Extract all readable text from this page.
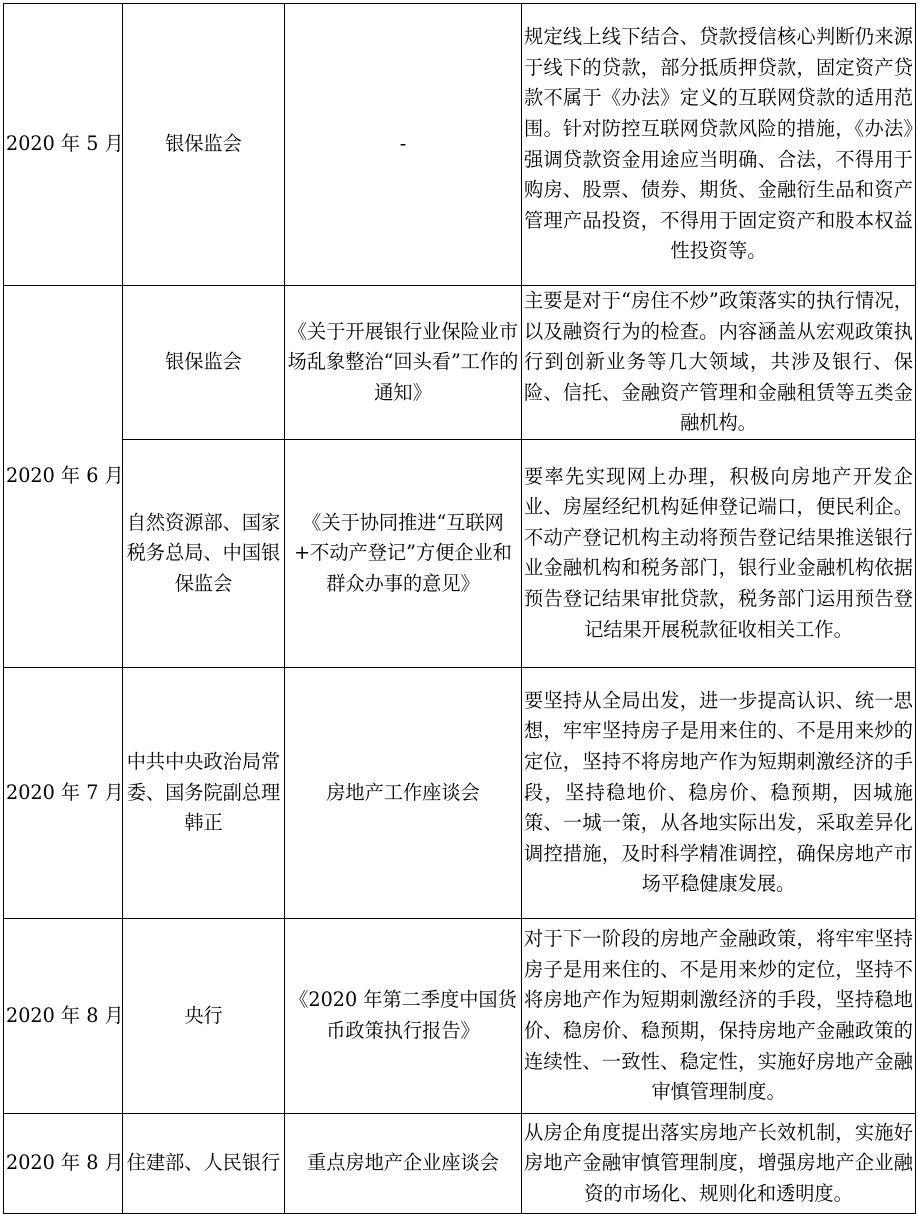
2020 年 5 月	银保监会	-	规定线上线下结合、贷款授信核心判断仍来源于线下的贷款，部分抵质押贷款，固定资产贷款不属于《办法》定义的互联网贷款的适用范围。针对防控互联网贷款风险的措施，《办法》强调贷款资金用途应当明确、合法，不得用于购房、股票、债券、期货、金融衍生品和资产管理产品投资，不得用于固定资产和股本权益性投资等。

2020 年 6 月	银保监会	《关于开展银行业保险业市场乱象整治“回头看”工作的通知》	主要是对于“房住不炒”政策落实的执行情况，以及融资行为的检查。内容涵盖从宏观政策执行到创新业务等几大领域，共涉及银行、保险、信托、金融资产管理和金融租赁等五类金融机构。

	自然资源部、国家税务总局、中国银保监会	《关于协同推进“互联网+不动产登记”方便企业和群众办事的意见》	要率先实现网上办理，积极向房地产开发企业、房屋经纪机构延伸登记端口，便民利企。不动产登记机构主动将预告登记结果推送银行业金融机构和税务部门，银行业金融机构依据预告登记结果审批贷款，税务部门运用预告登记结果开展税款征收相关工作。

2020 年 7 月	中共中央政治局常委、国务院副总理韩正	房地产工作座谈会	要坚持从全局出发，进一步提高认识、统一思想，牢牢坚持房子是用来住的、不是用来炒的定位，坚持不将房地产作为短期刺激经济的手段，坚持稳地价、稳房价、稳预期，因城施策、一城一策，从各地实际出发，采取差异化调控措施，及时科学精准调控，确保房地产市场平稳健康发展。

2020 年 8 月	央行	《2020 年第二季度中国货币政策执行报告》	对于下一阶段的房地产金融政策，将牢牢坚持房子是用来住的、不是用来炒的定位，坚持不将房地产作为短期刺激经济的手段，坚持稳地价、稳房价、稳预期，保持房地产金融政策的连续性、一致性、稳定性，实施好房地产金融审慎管理制度。

2020 年 8 月	住建部、人民银行	重点房地产企业座谈会	从房企角度提出落实房地产长效机制，实施好房地产金融审慎管理制度，增强房地产企业融资的市场化、规则化和透明度。
